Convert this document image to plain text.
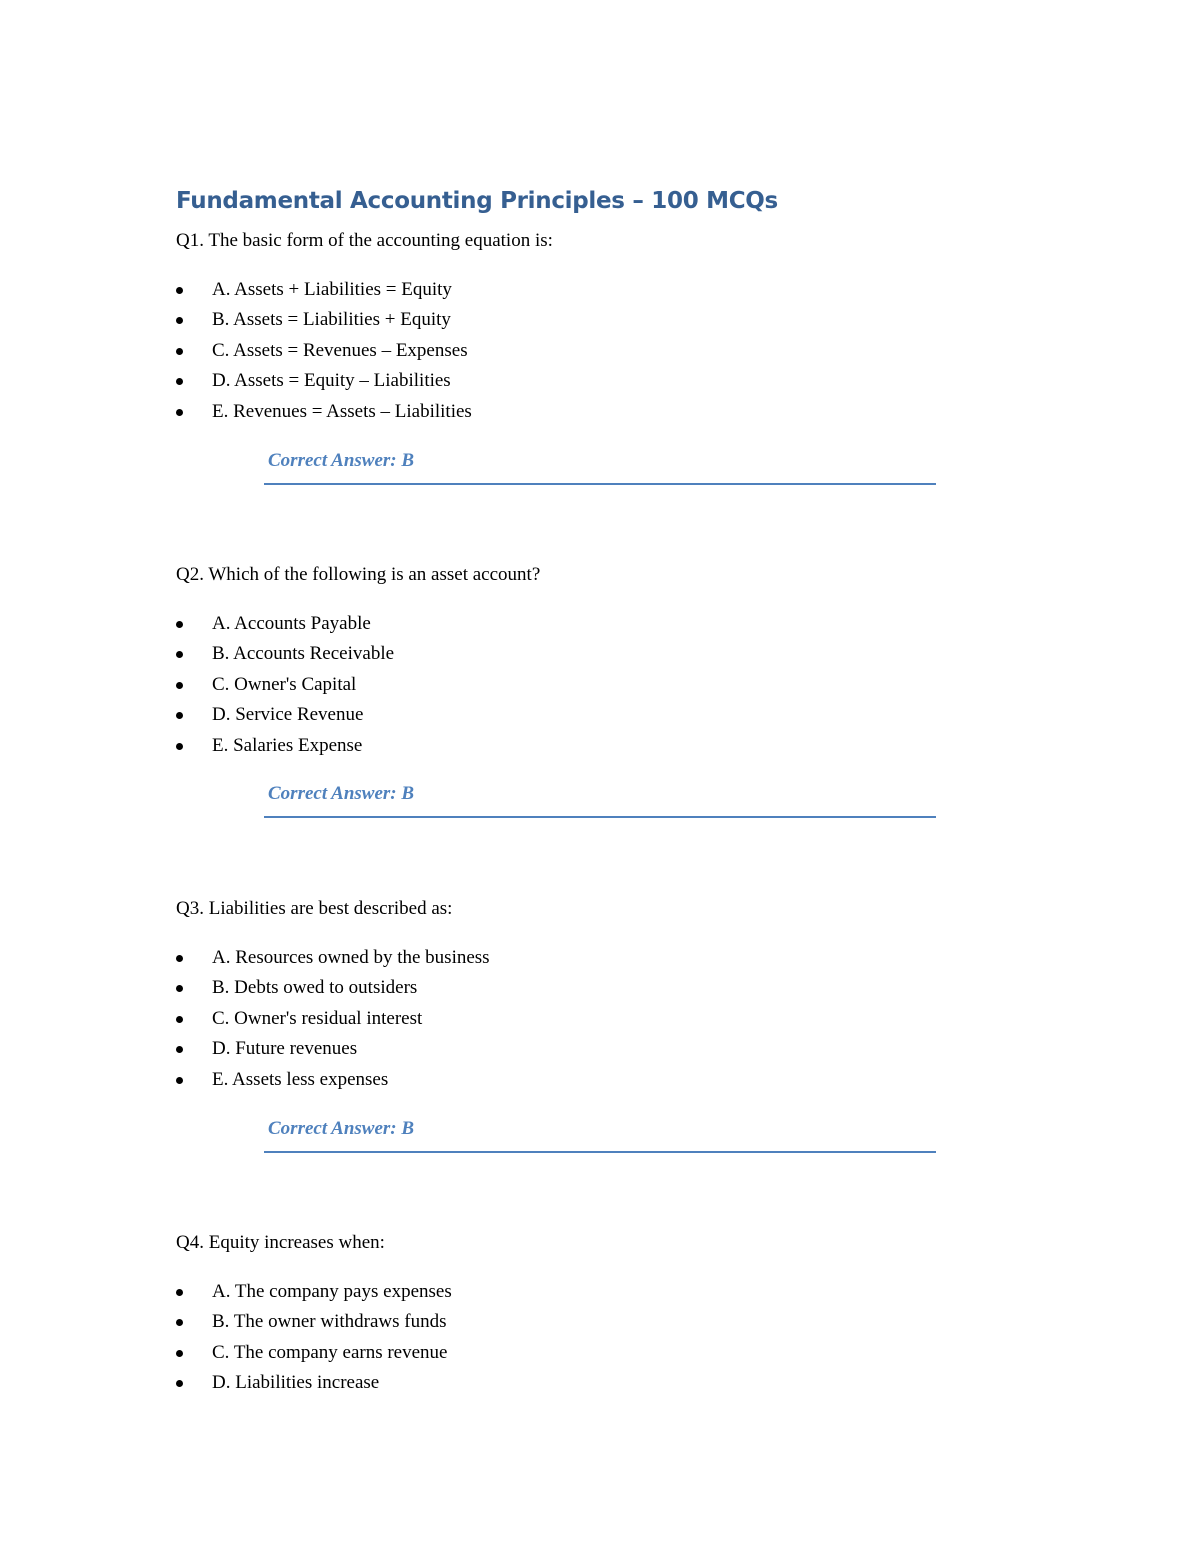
Fundamental Accounting Principles – 100 MCQs

Q1. The basic form of the accounting equation is:

A. Assets + Liabilities = Equity
B. Assets = Liabilities + Equity
C. Assets = Revenues – Expenses
D. Assets = Equity – Liabilities
E. Revenues = Assets – Liabilities
Correct Answer: B

Q2. Which of the following is an asset account?

A. Accounts Payable
B. Accounts Receivable
C. Owner's Capital
D. Service Revenue
E. Salaries Expense
Correct Answer: B

Q3. Liabilities are best described as:

A. Resources owned by the business
B. Debts owed to outsiders
C. Owner's residual interest
D. Future revenues
E. Assets less expenses
Correct Answer: B

Q4. Equity increases when:

A. The company pays expenses
B. The owner withdraws funds
C. The company earns revenue
D. Liabilities increase
